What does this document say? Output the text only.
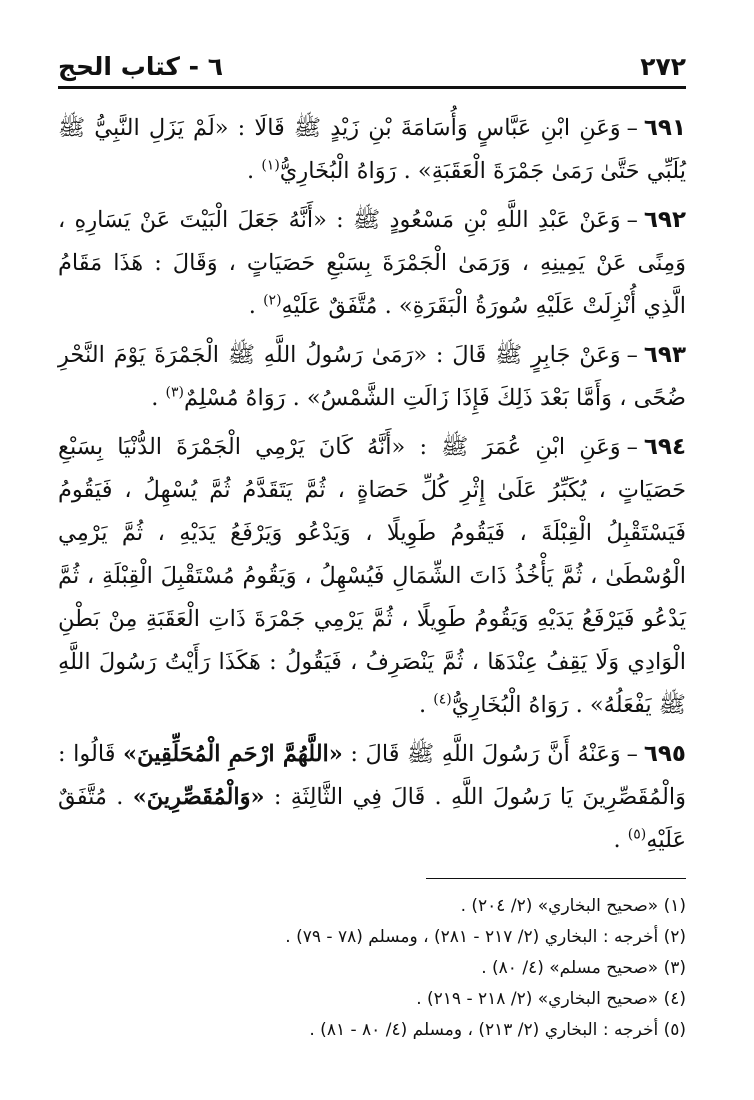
٢٧٢
٦ - كتاب الحج

٦٩١–وَعَنِ ابْنِ عَبَّاسٍ وَأُسَامَةَ بْنِ زَيْدٍ ﷺ قَالَا : «لَمْ يَزَلِ النَّبِيُّ ﷺ يُلَبِّي حَتَّىٰ رَمَىٰ جَمْرَةَ الْعَقَبَةِ» . رَوَاهُ الْبُخَارِيُّ$^{(١)}$ .

٦٩٢–وَعَنْ عَبْدِ اللَّهِ بْنِ مَسْعُودٍ ﷺ : «أَنَّهُ جَعَلَ الْبَيْتَ عَنْ يَسَارِهِ ، وَمِنًى عَنْ يَمِينِهِ ، وَرَمَىٰ الْجَمْرَةَ بِسَبْعِ حَصَيَاتٍ ، وَقَالَ : هَذَا مَقَامُ الَّذِي أُنْزِلَتْ عَلَيْهِ سُورَةُ الْبَقَرَةِ» . مُتَّفَقٌ عَلَيْهِ$^{(٢)}$ .

٦٩٣–وَعَنْ جَابِرٍ ﷺ قَالَ : «رَمَىٰ رَسُولُ اللَّهِ ﷺ الْجَمْرَةَ يَوْمَ النَّحْرِ ضُحًى ، وَأَمَّا بَعْدَ ذَلِكَ فَإِذَا زَالَتِ الشَّمْسُ» . رَوَاهُ مُسْلِمٌ$^{(٣)}$ .

٦٩٤–وَعَنِ ابْنِ عُمَرَ ﷺ : «أَنَّهُ كَانَ يَرْمِي الْجَمْرَةَ الدُّنْيَا بِسَبْعِ حَصَيَاتٍ ، يُكَبِّرُ عَلَىٰ إِثْرِ كُلِّ حَصَاةٍ ، ثُمَّ يَتَقَدَّمُ ثُمَّ يُسْهِلُ ، فَيَقُومُ فَيَسْتَقْبِلُ الْقِبْلَةَ ، فَيَقُومُ طَوِيلًا ، وَيَدْعُو وَيَرْفَعُ يَدَيْهِ ، ثُمَّ يَرْمِي الْوُسْطَىٰ ، ثُمَّ يَأْخُذُ ذَاتَ الشِّمَالِ فَيُسْهِلُ ، وَيَقُومُ مُسْتَقْبِلَ الْقِبْلَةِ ، ثُمَّ يَدْعُو فَيَرْفَعُ يَدَيْهِ وَيَقُومُ طَوِيلًا ، ثُمَّ يَرْمِي جَمْرَةَ ذَاتِ الْعَقَبَةِ مِنْ بَطْنِ الْوَادِي وَلَا يَقِفُ عِنْدَهَا ، ثُمَّ يَنْصَرِفُ ، فَيَقُولُ : هَكَذَا رَأَيْتُ رَسُولَ اللَّهِ ﷺ يَفْعَلُهُ» . رَوَاهُ الْبُخَارِيُّ$^{(٤)}$ .

٦٩٥–وَعَنْهُ أَنَّ رَسُولَ اللَّهِ ﷺ قَالَ : «اللَّهُمَّ ارْحَمِ الْمُحَلِّقِينَ» قَالُوا : وَالْمُقَصِّرِينَ يَا رَسُولَ اللَّهِ . قَالَ فِي الثَّالِثَةِ : «وَالْمُقَصِّرِينَ» . مُتَّفَقٌ عَلَيْهِ$^{(٥)}$ .

(١) «صحيح البخاري» (٢/ ٢٠٤) .
(٢) أخرجه : البخاري (٢/ ٢١٧ - ٢٨١) ، ومسلم (٧٨ - ٧٩) .
(٣) «صحيح مسلم» (٤/ ٨٠) .
(٤) «صحيح البخاري» (٢/ ٢١٨ - ٢١٩) .
(٥) أخرجه : البخاري (٢/ ٢١٣) ، ومسلم (٤/ ٨٠ - ٨١) .
